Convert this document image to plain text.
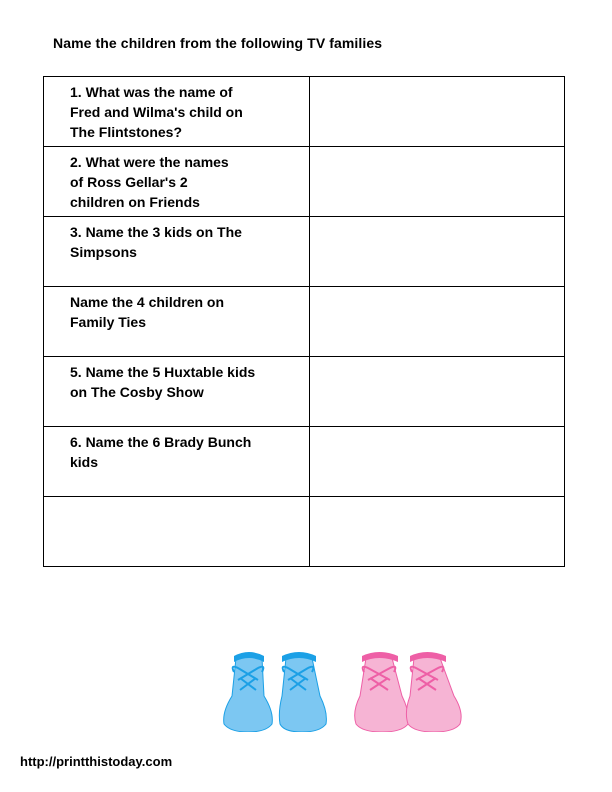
Name the children from the following TV families
1. What was the name of
Fred and Wilma's child on
The Flintstones?	

2. What were the names
of Ross Gellar's 2
children on Friends	

3. Name the 3 kids on The
Simpsons	

Name the 4 children on
Family Ties	

5. Name the 5 Huxtable kids
on The Cosby Show	

6. Name the 6 Brady Bunch
kids	

http://printthistoday.com
